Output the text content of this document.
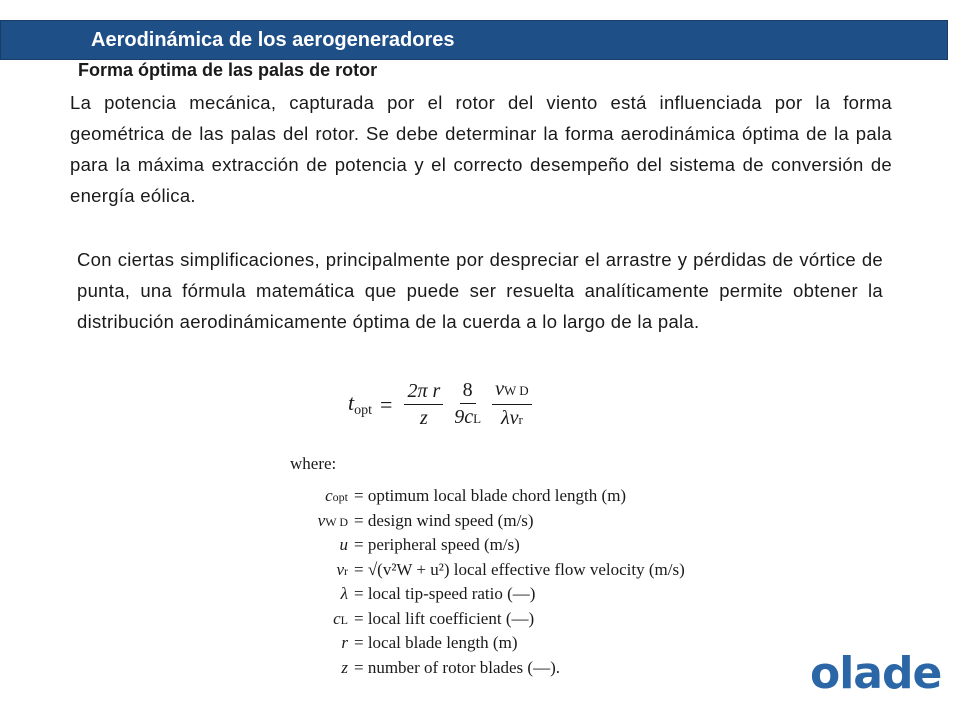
Aerodinámica de los aerogeneradores
Forma óptima de las palas de rotor
La potencia mecánica, capturada por el rotor del viento está influenciada por la forma geométrica de las palas del rotor. Se debe determinar la forma aerodinámica óptima de la pala para la máxima extracción de potencia y el correcto desempeño del sistema de conversión de energía eólica.
Con ciertas simplificaciones, principalmente por despreciar el arrastre y pérdidas de vórtice de punta, una fórmula matemática que puede ser resuelta analíticamente permite obtener la distribución aerodinámicamente óptima de la cuerda a lo largo de la pala.
$t_{opt} = \frac{\text{2π r}}{z} \frac{8}{9cL} \frac{\text{vW D}}{\text{λvr}}$
where:
copt = optimum local blade chord length (m)
vW D = design wind speed (m/s)
u = peripheral speed (m/s)
vr = √(v²W + u²) local effective flow velocity (m/s)
λ = local tip-speed ratio (—)
cL = local lift coefficient (—)
r = local blade length (m)
z = number of rotor blades (—).	olade
